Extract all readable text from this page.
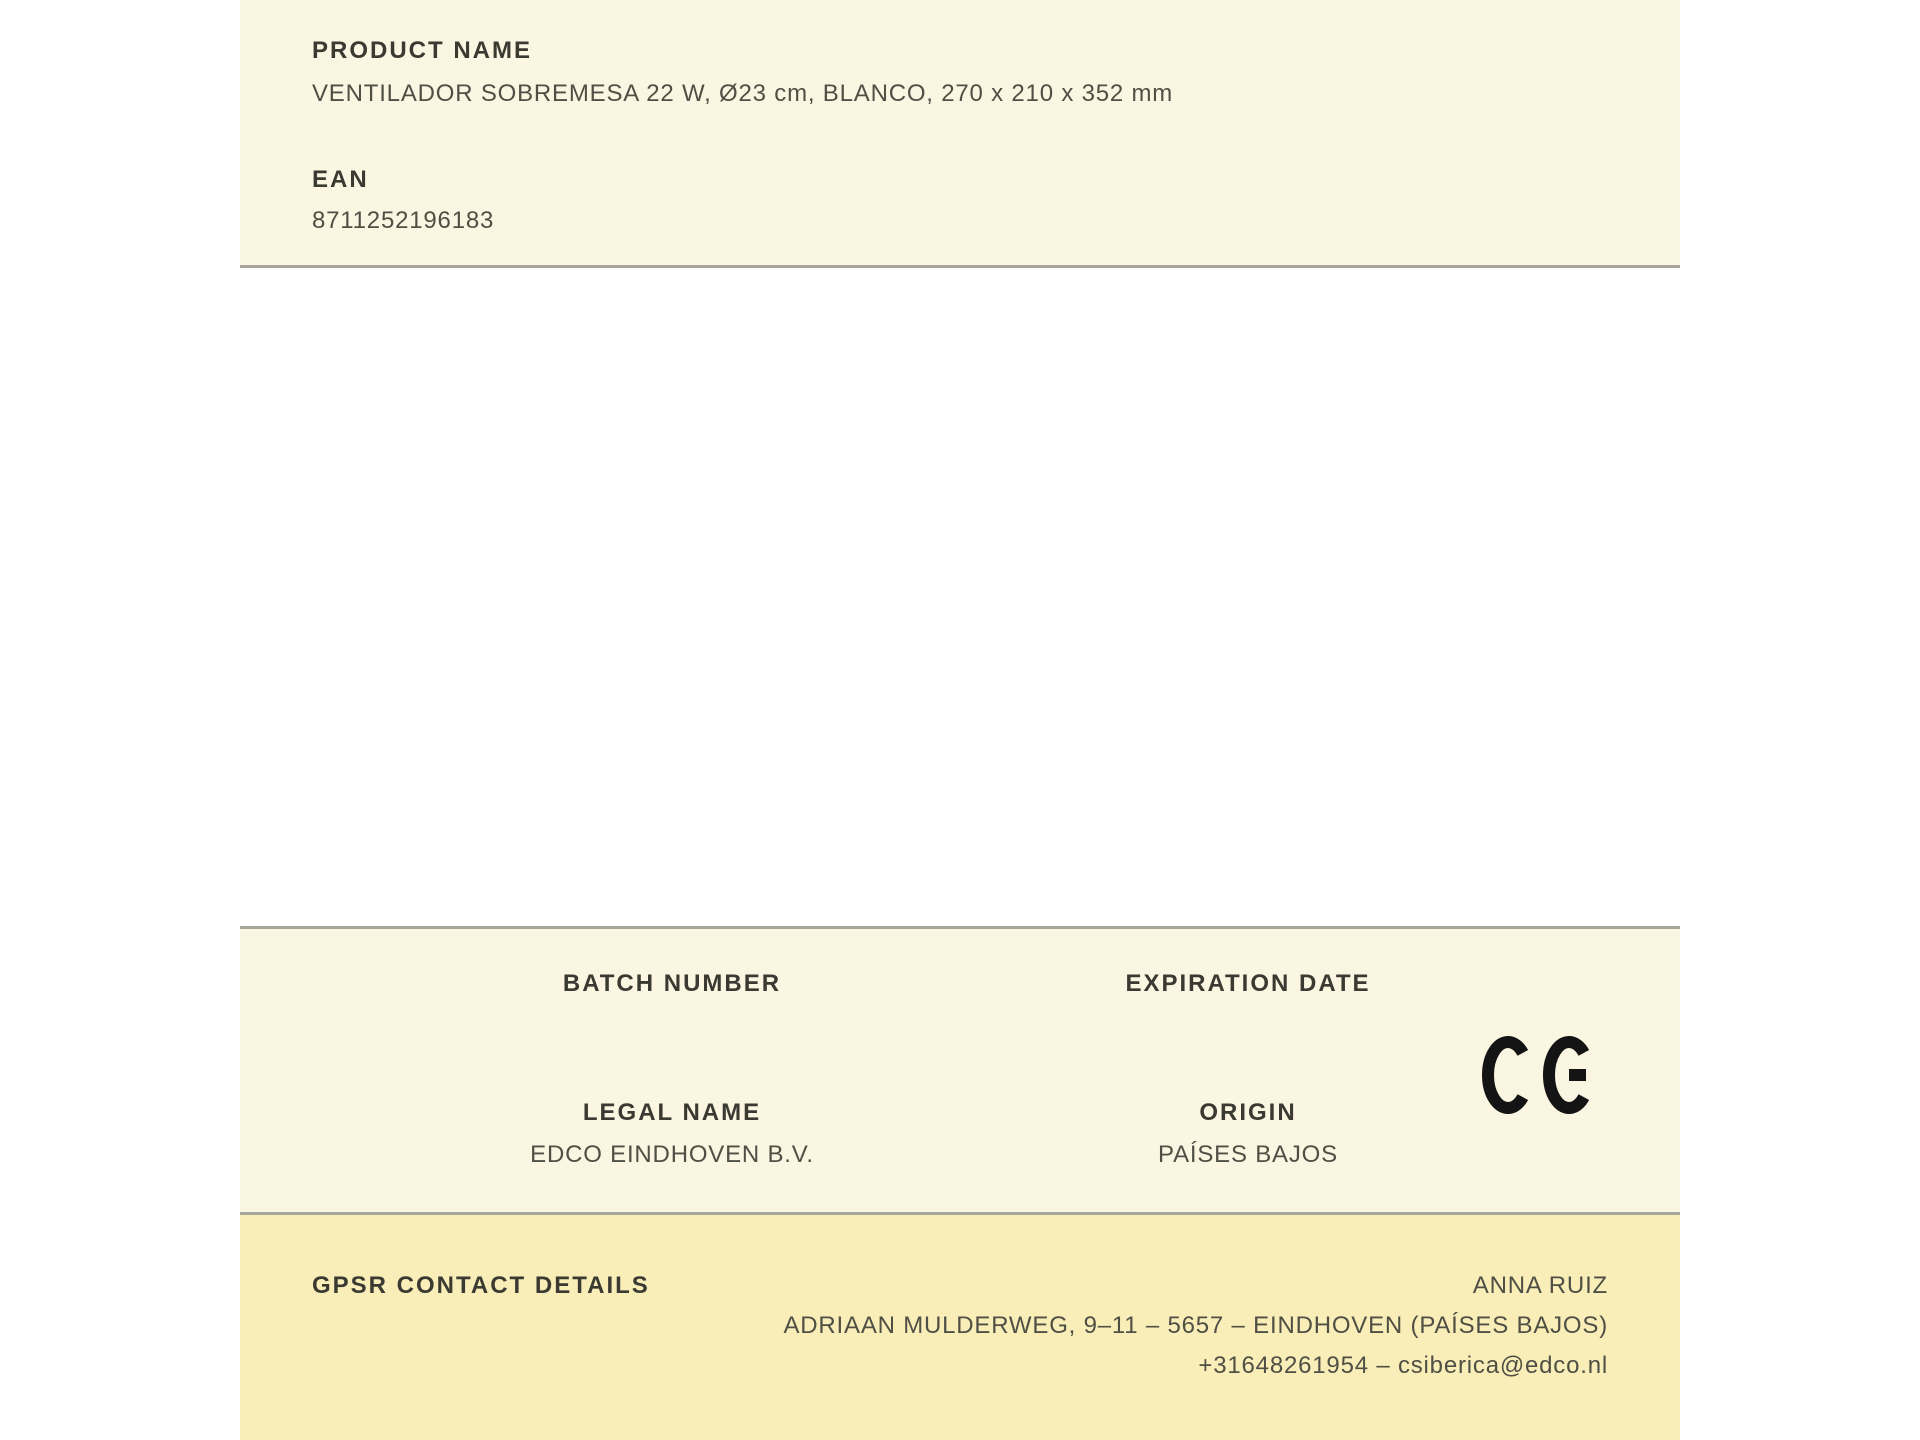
PRODUCT NAME
VENTILADOR SOBREMESA 22 W, Ø23 cm, BLANCO, 270 x 210 x 352 mm
EAN
8711252196183
BATCH NUMBER	EXPIRATION DATE
LEGAL NAME
EDCO EINDHOVEN B.V.
ORIGIN
PAÍSES BAJOS
GPSR CONTACT DETAILS	ANNA RUIZ
ADRIAAN MULDERWEG, 9–11 – 5657 – EINDHOVEN (PAÍSES BAJOS)
+31648261954 – csiberica@edco.nl
